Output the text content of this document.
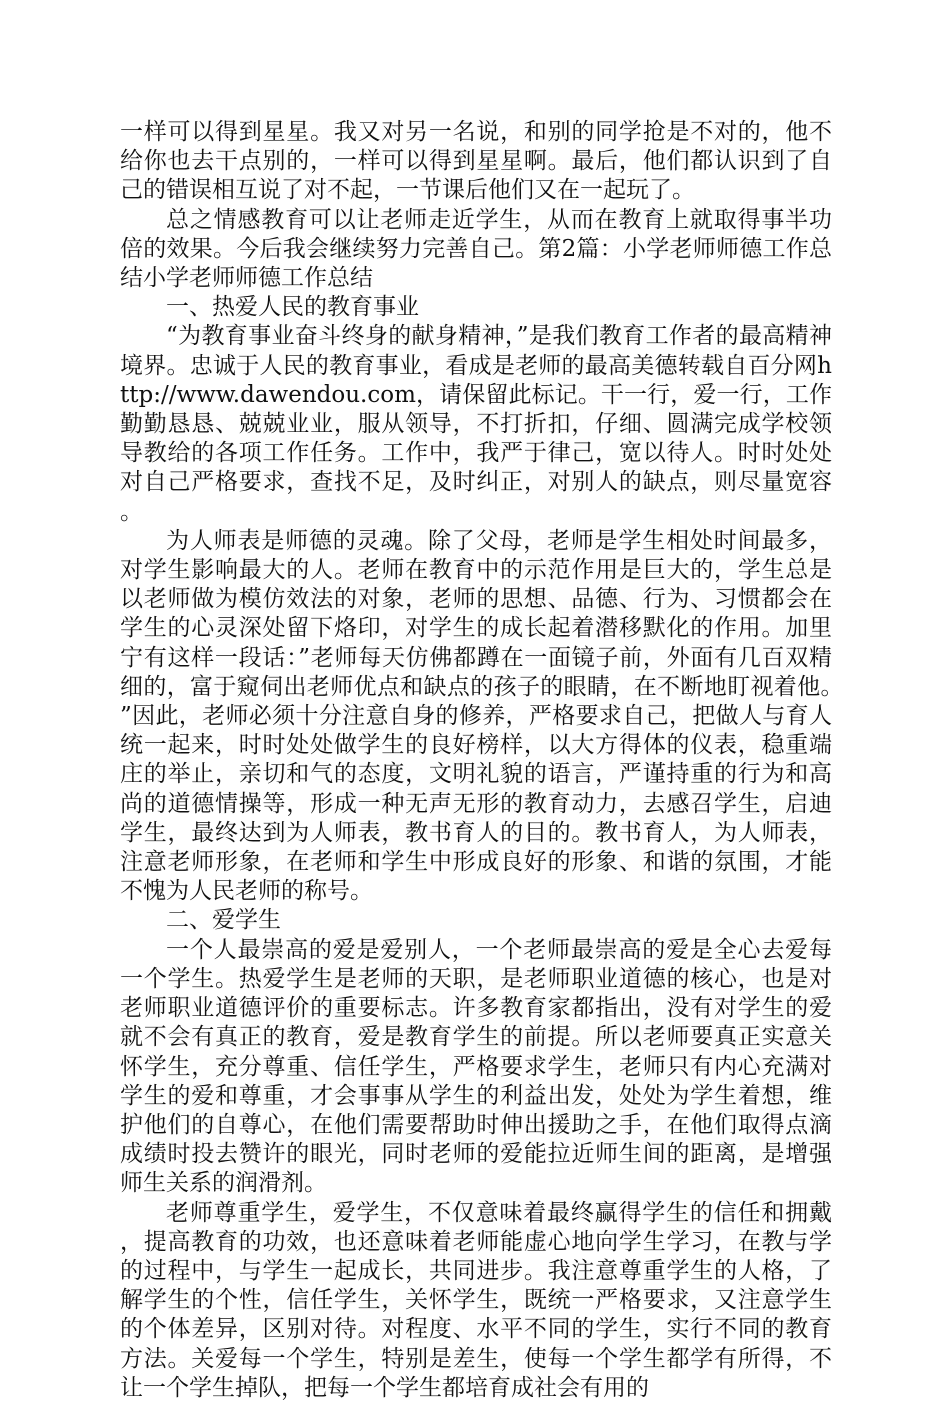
一样可以得到星星。我又对另一名说，和别的同学抢是不对的，他不给你也去干点别的，一样可以得到星星啊。最后，他们都认识到了自己的错误相互说了对不起，一节课后他们又在一起玩了。

总之情感教育可以让老师走近学生，从而在教育上就取得事半功倍的效果。今后我会继续努力完善自己。第2篇：小学老师师德工作总结小学老师师德工作总结

一、热爱人民的教育事业

“为教育事业奋斗终身的献身精神，”是我们教育工作者的最高精神境界。忠诚于人民的教育事业，看成是老师的最高美德转载自百分网http://www.dawendou.com，请保留此标记。干一行，爱一行，工作勤勤恳恳、兢兢业业，服从领导，不打折扣，仔细、圆满完成学校领导教给的各项工作任务。工作中，我严于律己，宽以待人。时时处处对自己严格要求，查找不足，及时纠正，对别人的缺点，则尽量宽容。

为人师表是师德的灵魂。除了父母，老师是学生相处时间最多，对学生影响最大的人。老师在教育中的示范作用是巨大的，学生总是以老师做为模仿效法的对象，老师的思想、品德、行为、习惯都会在学生的心灵深处留下烙印，对学生的成长起着潜移默化的作用。加里宁有这样一段话：”老师每天仿佛都蹲在一面镜子前，外面有几百双精细的，富于窥伺出老师优点和缺点的孩子的眼睛，在不断地盯视着他。”因此，老师必须十分注意自身的修养，严格要求自己，把做人与育人统一起来，时时处处做学生的良好榜样，以大方得体的仪表，稳重端庄的举止，亲切和气的态度，文明礼貌的语言，严谨持重的行为和高尚的道德情操等，形成一种无声无形的教育动力，去感召学生，启迪学生，最终达到为人师表，教书育人的目的。教书育人，为人师表，注意老师形象，在老师和学生中形成良好的形象、和谐的氛围，才能不愧为人民老师的称号。

二、爱学生

一个人最崇高的爱是爱别人，一个老师最崇高的爱是全心去爱每一个学生。热爱学生是老师的天职，是老师职业道德的核心，也是对老师职业道德评价的重要标志。许多教育家都指出，没有对学生的爱就不会有真正的教育，爱是教育学生的前提。所以老师要真正实意关怀学生，充分尊重、信任学生，严格要求学生，老师只有内心充满对学生的爱和尊重，才会事事从学生的利益出发，处处为学生着想，维护他们的自尊心，在他们需要帮助时伸出援助之手，在他们取得点滴成绩时投去赞许的眼光，同时老师的爱能拉近师生间的距离，是增强师生关系的润滑剂。

老师尊重学生，爱学生，不仅意味着最终赢得学生的信任和拥戴，提高教育的功效，也还意味着老师能虚心地向学生学习，在教与学的过程中，与学生一起成长，共同进步。我注意尊重学生的人格，了解学生的个性，信任学生，关怀学生，既统一严格要求，又注意学生的个体差异，区别对待。对程度、水平不同的学生，实行不同的教育方法。关爱每一个学生，特别是差生，使每一个学生都学有所得，不让一个学生掉队，把每一个学生都培育成社会有用的
